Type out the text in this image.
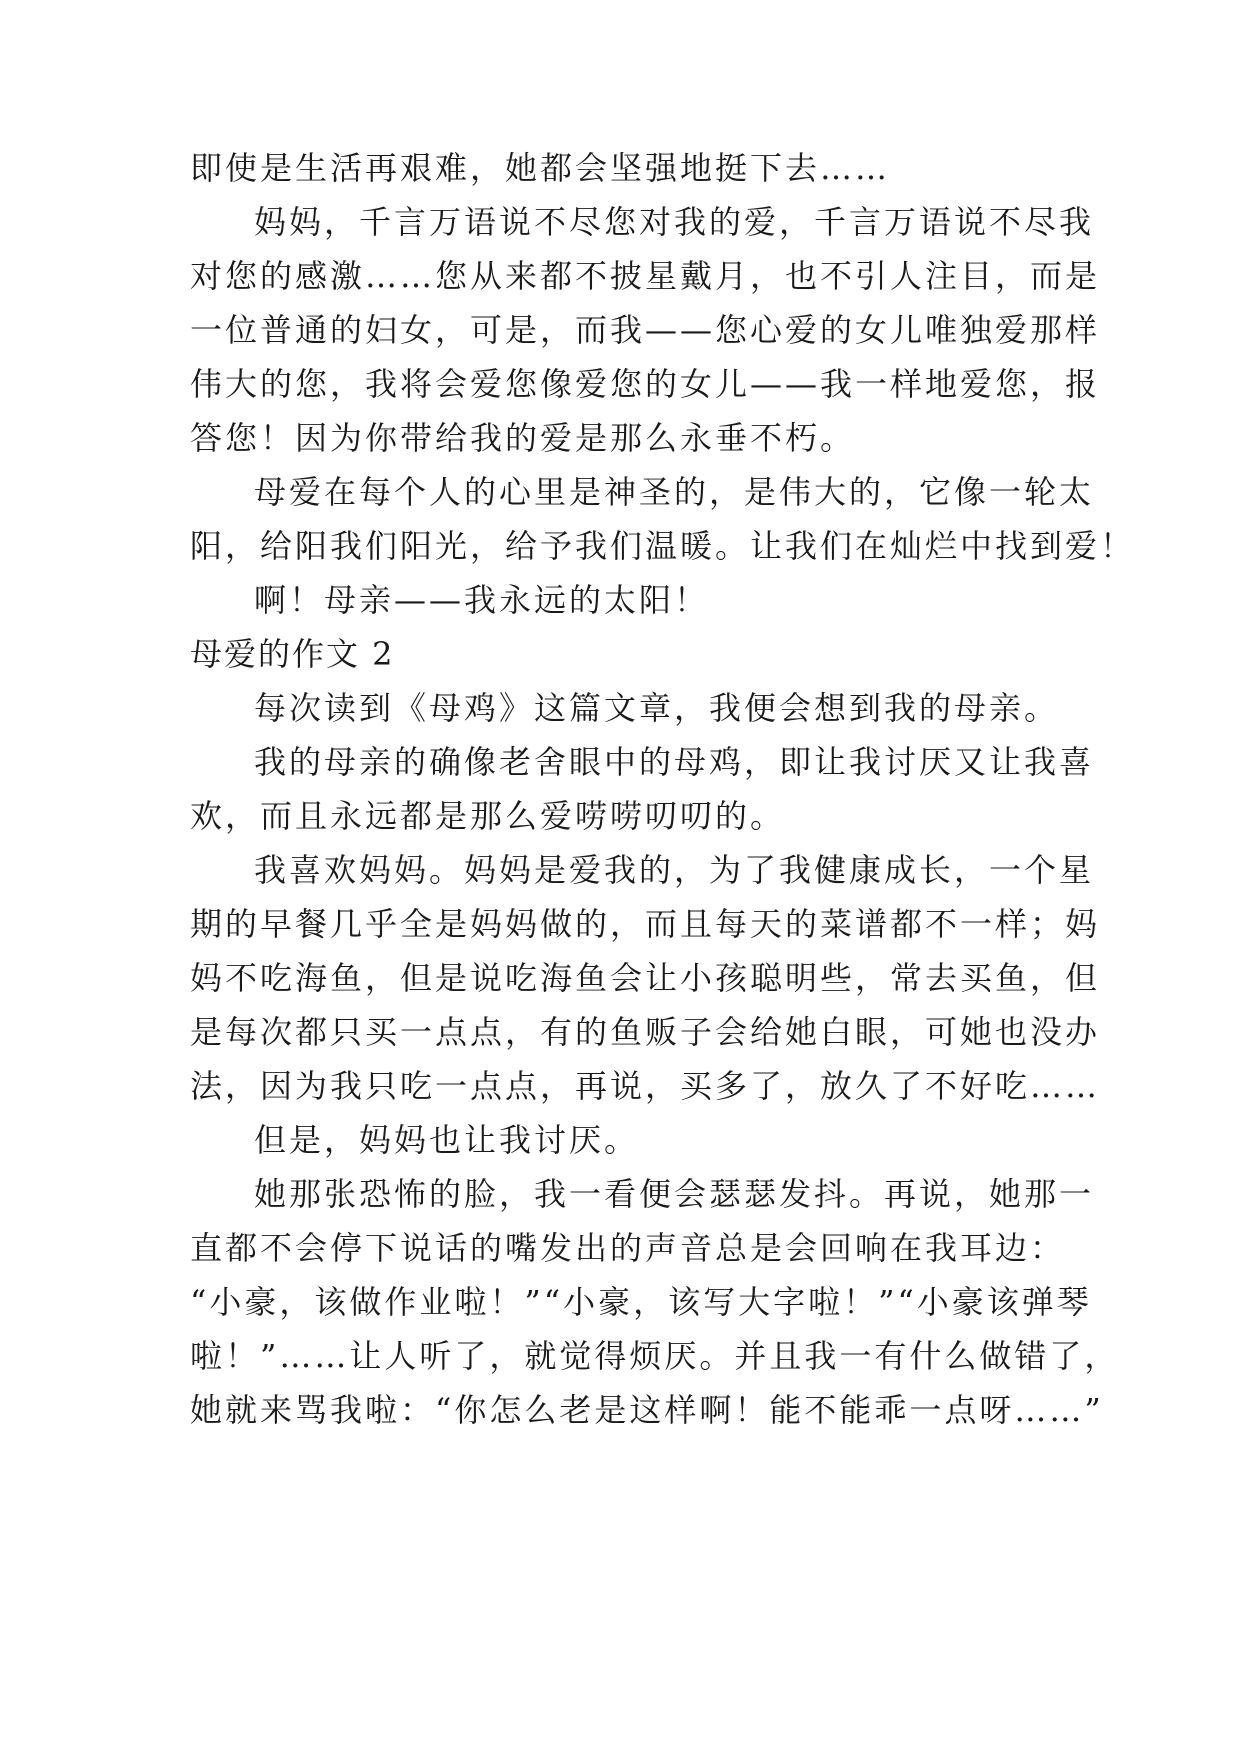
即使是生活再艰难，她都会坚强地挺下去……
妈妈，千言万语说不尽您对我的爱，千言万语说不尽我
对您的感激……您从来都不披星戴月，也不引人注目，而是
一位普通的妇女，可是，而我——您心爱的女儿唯独爱那样
伟大的您，我将会爱您像爱您的女儿——我一样地爱您，报
答您！因为你带给我的爱是那么永垂不朽。
母爱在每个人的心里是神圣的，是伟大的，它像一轮太
阳，给阳我们阳光，给予我们温暖。让我们在灿烂中找到爱！
啊！母亲——我永远的太阳！
母爱的作文 2
每次读到《母鸡》这篇文章，我便会想到我的母亲。
我的母亲的确像老舍眼中的母鸡，即让我讨厌又让我喜
欢，而且永远都是那么爱唠唠叨叨的。
我喜欢妈妈。妈妈是爱我的，为了我健康成长，一个星
期的早餐几乎全是妈妈做的，而且每天的菜谱都不一样；妈
妈不吃海鱼，但是说吃海鱼会让小孩聪明些，常去买鱼，但
是每次都只买一点点，有的鱼贩子会给她白眼，可她也没办
法，因为我只吃一点点，再说，买多了，放久了不好吃……
但是，妈妈也让我讨厌。
她那张恐怖的脸，我一看便会瑟瑟发抖。再说，她那一
直都不会停下说话的嘴发出的声音总是会回响在我耳边：
“小豪，该做作业啦！”“小豪，该写大字啦！”“小豪该弹琴
啦！”……让人听了，就觉得烦厌。并且我一有什么做错了，
她就来骂我啦：“你怎么老是这样啊！能不能乖一点呀……”
